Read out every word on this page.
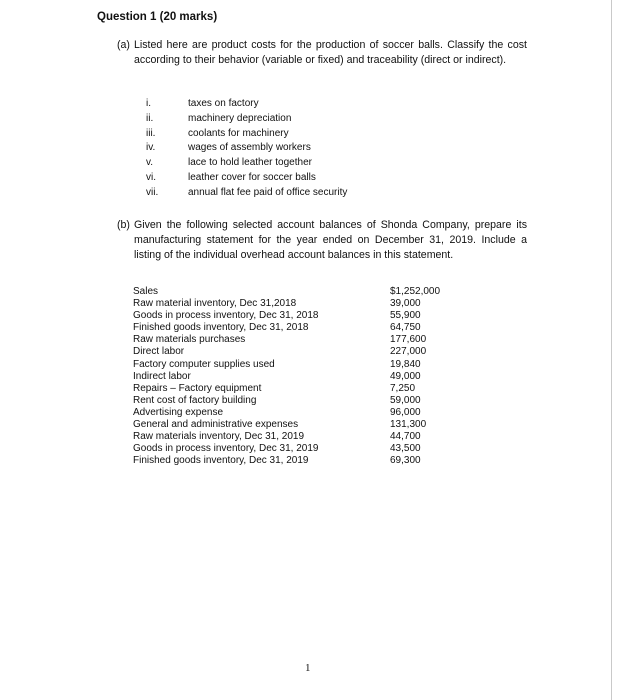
Question 1 (20 marks)
(a) Listed here are product costs for the production of soccer balls. Classify the cost according to their behavior (variable or fixed) and traceability (direct or indirect).
i.	taxes on factory
ii.	machinery depreciation
iii.	coolants for machinery
iv.	wages of assembly workers
v.	lace to hold leather together
vi.	leather cover for soccer balls
vii.	annual flat fee paid of office security
(b) Given the following selected account balances of Shonda Company, prepare its manufacturing statement for the year ended on December 31, 2019. Include a listing of the individual overhead account balances in this statement.
Sales	$1,252,000
Raw material inventory, Dec 31,2018	39,000
Goods in process inventory, Dec 31, 2018	55,900
Finished goods inventory, Dec 31, 2018	64,750
Raw materials purchases	177,600
Direct labor	227,000
Factory computer supplies used	19,840
Indirect labor	49,000
Repairs – Factory equipment	7,250
Rent cost of factory building	59,000
Advertising expense	96,000
General and administrative expenses	131,300
Raw materials inventory, Dec 31, 2019	44,700
Goods in process inventory, Dec 31, 2019	43,500
Finished goods inventory, Dec 31, 2019	69,300
1
